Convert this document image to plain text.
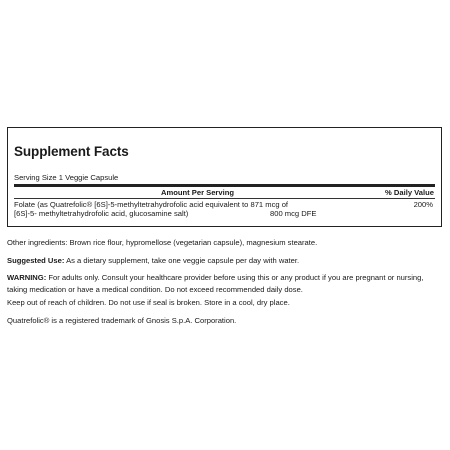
Supplement Facts
Serving Size 1 Veggie Capsule
Amount Per Serving	% Daily Value
Folate (as Quatrefolic® [6S]-5-methyltetrahydrofolic acid equivalent to 871 mcg of
[6S]-5- methyltetrahydrofolic acid, glucosamine salt)	800 mcg DFE
200%

Other ingredients: Brown rice flour, hypromellose (vegetarian capsule), magnesium stearate.

Suggested Use: As a dietary supplement, take one veggie capsule per day with water.

WARNING: For adults only. Consult your healthcare provider before using this or any product if you are pregnant or nursing, taking medication or have a medical condition. Do not exceed recommended daily dose.

Keep out of reach of children. Do not use if seal is broken. Store in a cool, dry place.

Quatrefolic® is a registered trademark of Gnosis S.p.A. Corporation.
